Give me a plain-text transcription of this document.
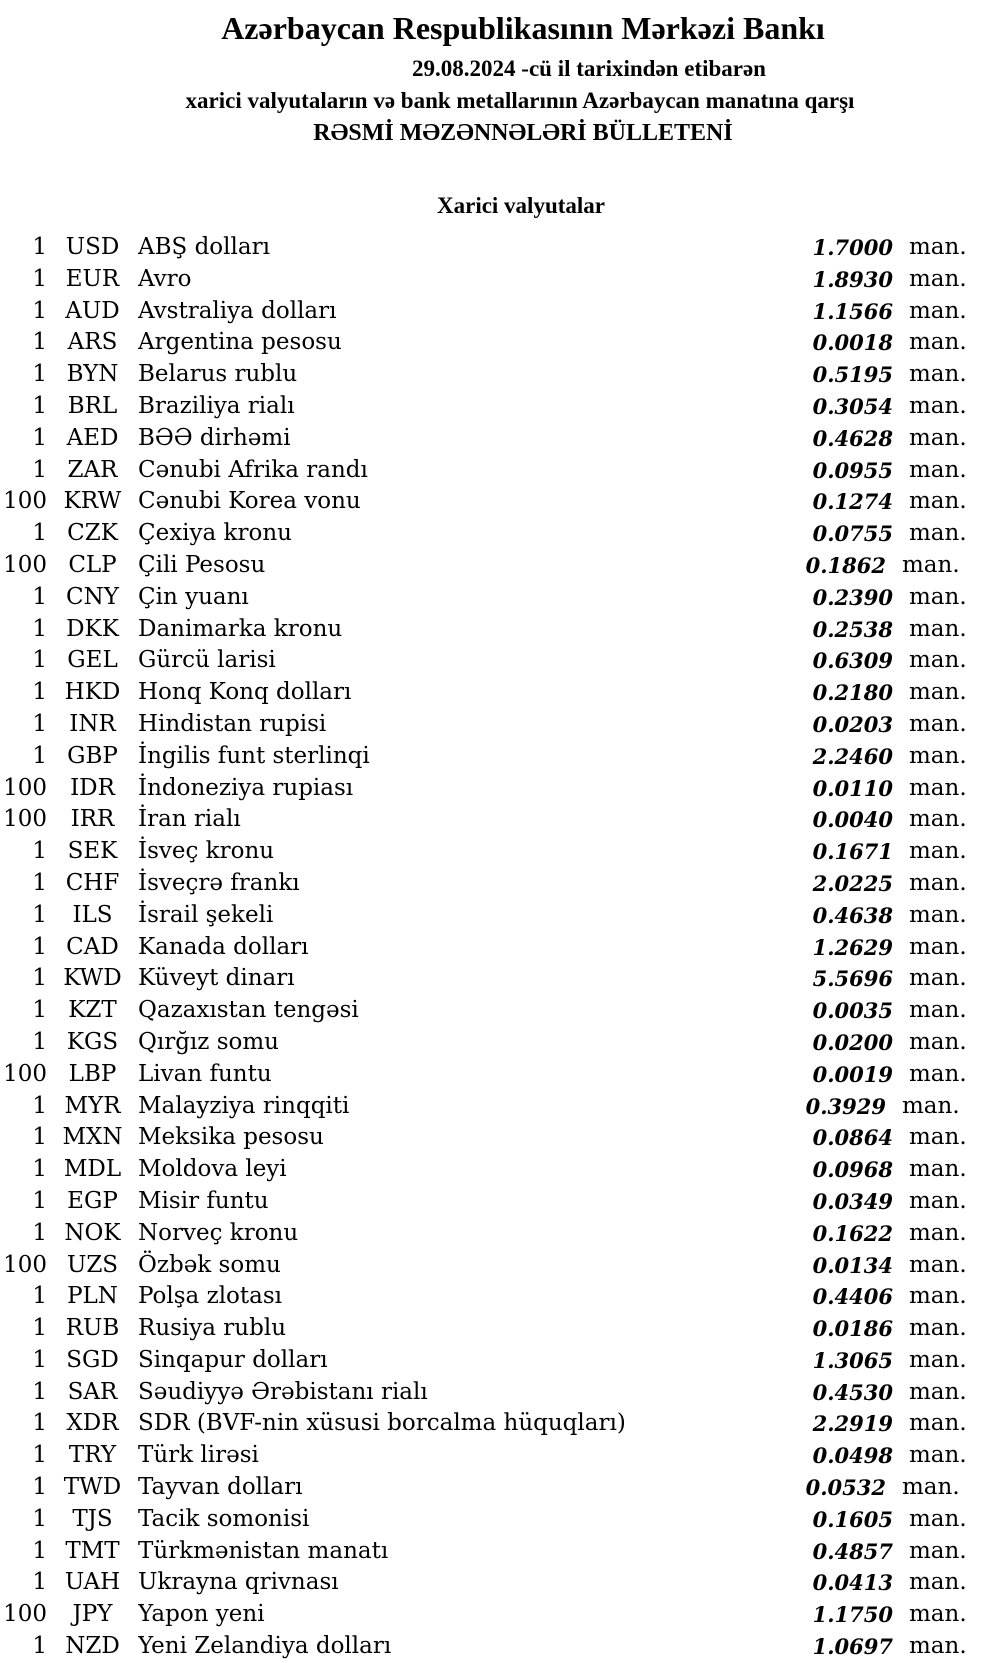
Azərbaycan Respublikasının Mərkəzi Bankı
29.08.2024 -cü il tarixindən etibarən
xarici valyutaların və bank metallarının Azərbaycan manatına qarşı
RƏSMİ MƏZƏNNƏLƏRİ BÜLLETENİ
Xarici valyutalar
1 USD ABŞ dolları	1.7000 man.
1 EUR Avro	1.8930 man.
1 AUD Avstraliya dolları	1.1566 man.
1 ARS Argentina pesosu	0.0018 man.
1 BYN Belarus rublu	0.5195 man.
1 BRL Braziliya rialı	0.3054 man.
1 AED BƏƏ dirhəmi	0.4628 man.
1 ZAR Cənubi Afrika randı	0.0955 man.
100 KRW Cənubi Korea vonu	0.1274 man.
1 CZK Çexiya kronu	0.0755 man.
100 CLP Çili Pesosu	0.1862 man.
1 CNY Çin yuanı	0.2390 man.
1 DKK Danimarka kronu	0.2538 man.
1 GEL Gürcü larisi	0.6309 man.
1 HKD Honq Konq dolları	0.2180 man.
1 INR Hindistan rupisi	0.0203 man.
1 GBP İngilis funt sterlinqi	2.2460 man.
100	IDR	İndoneziya rupiası	0.0110 man.
100	IRR	İran rialı	0.0040 man.
1 SEK İsveç kronu	0.1671 man.
1 CHF İsveçrə frankı	2.0225 man.
1	ILS	İsrail şekeli	0.4638 man.
1 CAD Kanada dolları	1.2629 man.
1 KWD Küveyt dinarı	5.5696 man.
1 KZT Qazaxıstan tengəsi	0.0035 man.
1 KGS Qırğız somu	0.0200 man.
100 LBP Livan funtu	0.0019 man.
1 MYR Malayziya rinqqiti	0.3929 man.
1 MXN Meksika pesosu	0.0864 man.
1 MDL Moldova leyi	0.0968 man.
1 EGP Misir funtu	0.0349 man.
1 NOK Norveç kronu	0.1622 man.
100 UZS Özbək somu	0.0134 man.
1 PLN Polşa zlotası	0.4406 man.
1 RUB Rusiya rublu	0.0186 man.
1 SGD Sinqapur dolları	1.3065 man.
1 SAR Səudiyyə Ərəbistanı rialı	0.4530 man.
1 XDR SDR (BVF-nin xüsusi borcalma hüquqları)	2.2919 man.
1 TRY Türk lirəsi	0.0498 man.
1 TWD Tayvan dolları	0.0532 man.
1	TJS	Tacik somonisi	0.1605 man.
1 TMT Türkmənistan manatı	0.4857 man.
1 UAH Ukrayna qrivnası	0.0413 man.
100	JPY	Yapon yeni	1.1750 man.
1 NZD Yeni Zelandiya dolları	1.0697 man.
